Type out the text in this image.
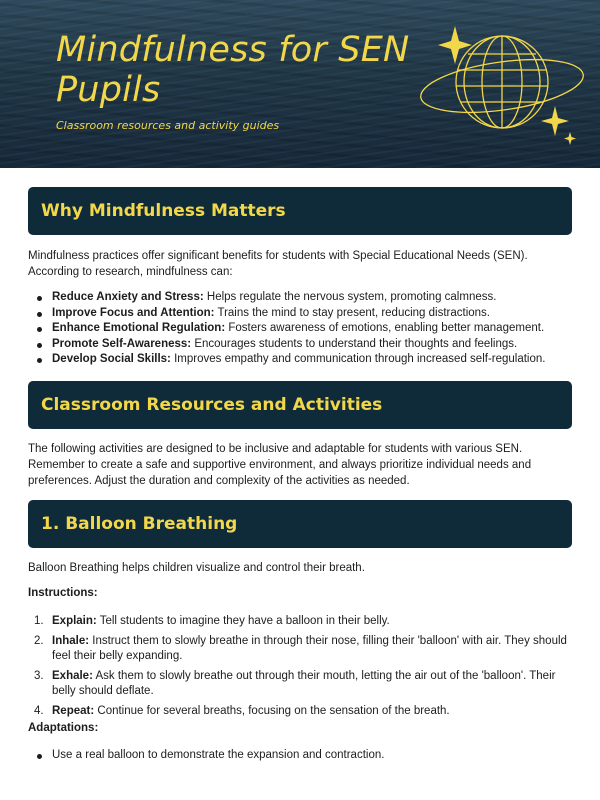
Mindfulness for SEN Pupils
Classroom resources and activity guides
Why Mindfulness Matters

Mindfulness practices offer significant benefits for students with Special Educational Needs (SEN). According to research, mindfulness can:

Reduce Anxiety and Stress: Helps regulate the nervous system, promoting calmness.
Improve Focus and Attention: Trains the mind to stay present, reducing distractions.
Enhance Emotional Regulation: Fosters awareness of emotions, enabling better management.
Promote Self-Awareness: Encourages students to understand their thoughts and feelings.
Develop Social Skills: Improves empathy and communication through increased self-regulation.
Classroom Resources and Activities

The following activities are designed to be inclusive and adaptable for students with various SEN. Remember to create a safe and supportive environment, and always prioritize individual needs and preferences. Adjust the duration and complexity of the activities as needed.

1. Balloon Breathing

Balloon Breathing helps children visualize and control their breath.

Instructions:
1. Explain: Tell students to imagine they have a balloon in their belly.
2. Inhale: Instruct them to slowly breathe in through their nose, filling their 'balloon' with air. They should feel their belly expanding.
3. Exhale: Ask them to slowly breathe out through their mouth, letting the air out of the 'balloon'. Their belly should deflate.
4. Repeat: Continue for several breaths, focusing on the sensation of the breath.
Adaptations:
Use a real balloon to demonstrate the expansion and contraction.
